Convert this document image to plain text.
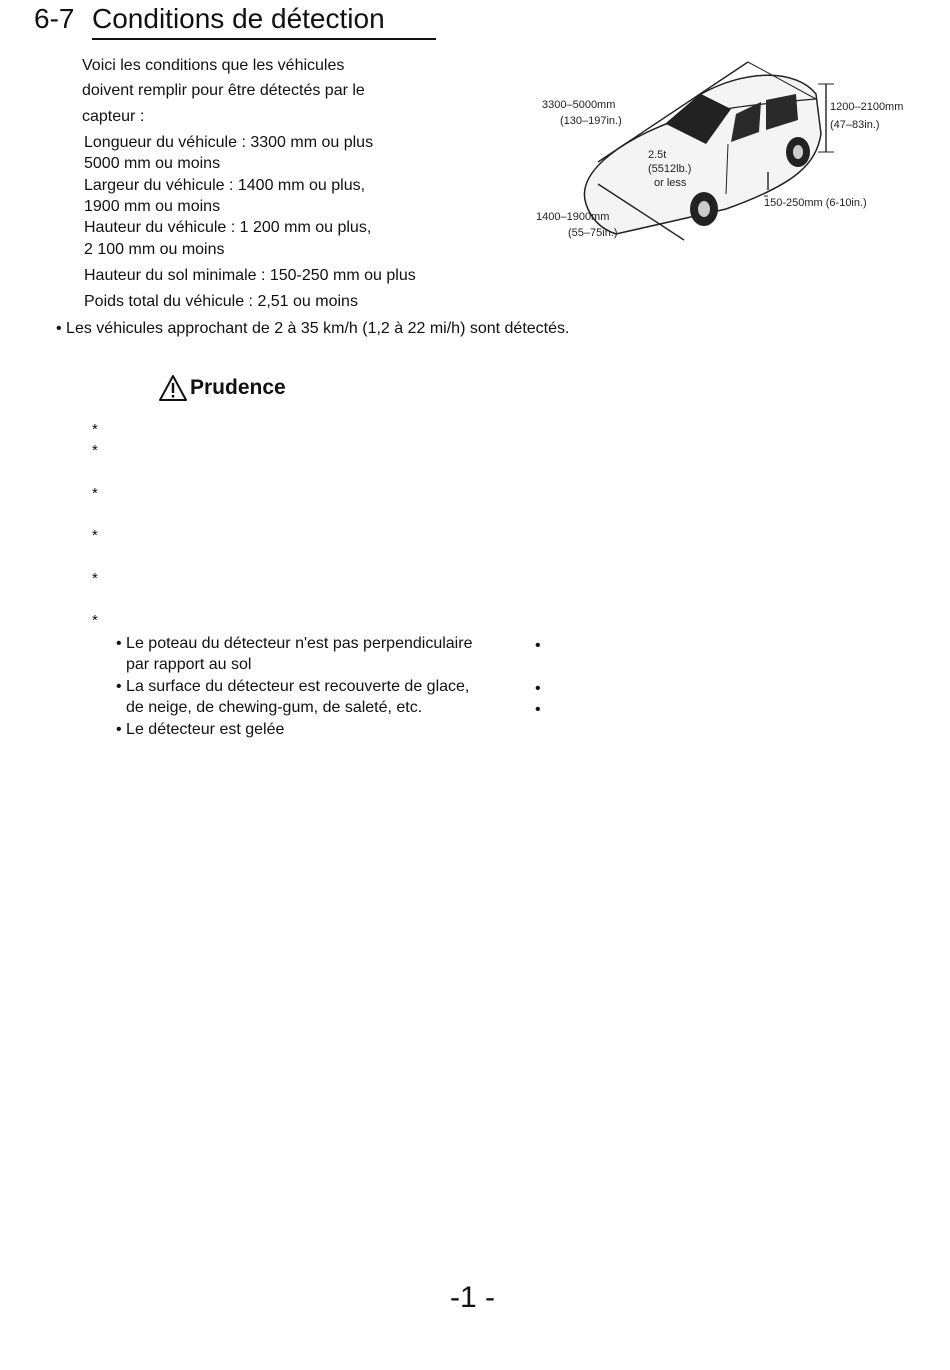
6-7 Conditions de détection
Voici les conditions que les véhicules
doivent remplir pour être détectés par le
capteur :
Longueur du véhicule : 3300 mm ou plus
5000 mm ou moins
Largeur du véhicule : 1400 mm ou plus,
1900 mm ou moins
Hauteur du véhicule : 1 200 mm ou plus,
2 100 mm ou moins
Hauteur du sol minimale : 150-250 mm ou plus
Poids total du véhicule : 2,51 ou moins
• Les véhicules approchant de 2 à 35 km/h (1,2 à 22 mi/h) sont détectés.
3300–5000mm
(130–197in.)
1200–2100mm
(47–83in.)
2.5t
(5512lb.)
or less
1400–1900mm
(55–75in.)
150-250mm (6-10in.)
Prudence
*
*
*
*
*
*
• Le poteau du détecteur n'est pas perpendiculaire
par rapport au sol
• La surface du détecteur est recouverte de glace,
de neige, de chewing-gum, de saleté, etc.
• Le détecteur est gelée
•
•
•
-1 -
